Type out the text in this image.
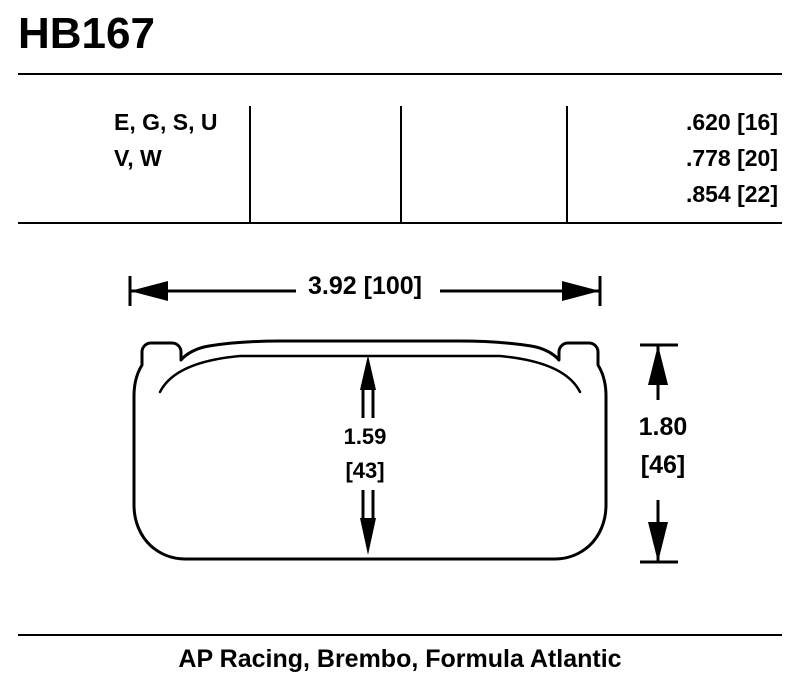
HB167
E, G, S, U
V, W
.620 [16]
.778 [20]
.854 [22]
3.92 [100]
1.80
[46]
1.59
[43]
AP Racing, Brembo, Formula Atlantic
